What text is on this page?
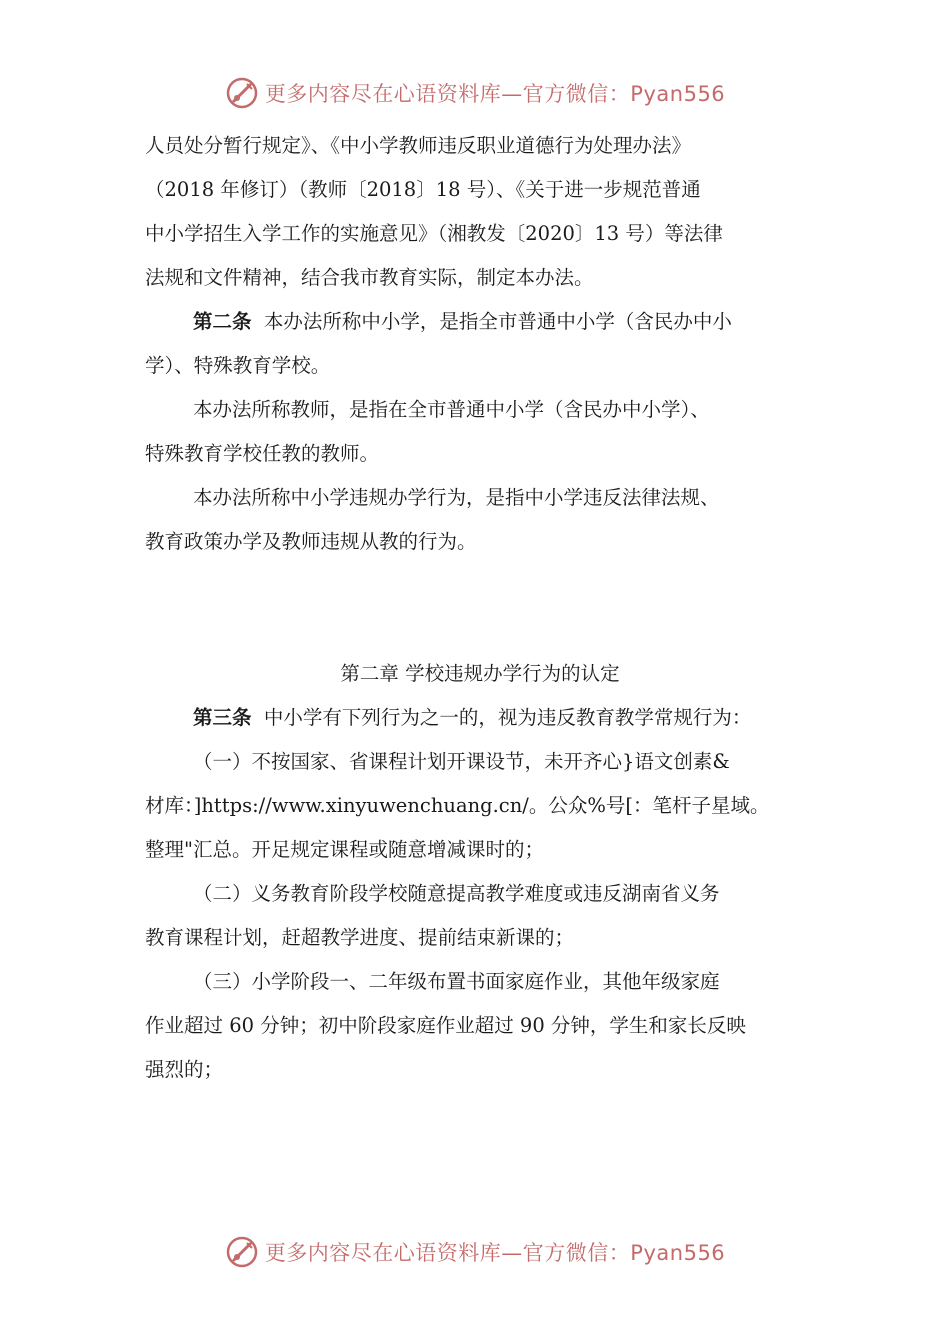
更多内容尽在心语资料库—官方微信：Pyan556

人员处分暂行规定》、《中小学教师违反职业道德行为处理办法》

（2018 年修订）（教师〔2018〕18 号）、《关于进一步规范普通

中小学招生入学工作的实施意见》（湘教发〔2020〕13 号）等法律

法规和文件精神，结合我市教育实际，制定本办法。

第二条 本办法所称中小学，是指全市普通中小学（含民办中小

学）、特殊教育学校。

本办法所称教师，是指在全市普通中小学（含民办中小学）、

特殊教育学校任教的教师。

本办法所称中小学违规办学行为，是指中小学违反法律法规、

教育政策办学及教师违规从教的行为。

第二章 学校违规办学行为的认定

第三条 中小学有下列行为之一的，视为违反教育教学常规行为：

（一）不按国家、省课程计划开课设节，未开齐心}语文创素&

材库：]https://www.xinyuwenchuang.cn/。公众%号[：笔杆子星域。

整理"汇总。开足规定课程或随意增减课时的；

（二）义务教育阶段学校随意提高教学难度或违反湖南省义务

教育课程计划，赶超教学进度、提前结束新课的；

（三）小学阶段一、二年级布置书面家庭作业，其他年级家庭

作业超过 60 分钟；初中阶段家庭作业超过 90 分钟，学生和家长反映

强烈的；

更多内容尽在心语资料库—官方微信：Pyan556
